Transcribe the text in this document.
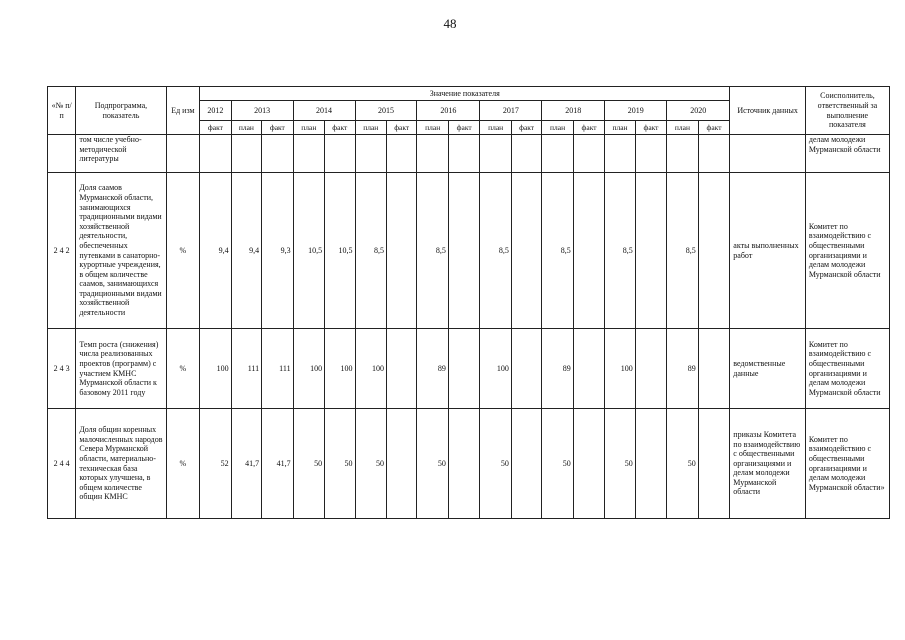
48
«№ п/п	Подпрограмма, показатель	Ед изм	Значение показателя																	Источник данных	Соисполнитель, ответственный за выполнение показателя
			2012	2013		2014		2015		2016		2017		2018		2019		2020			
			факт	план	факт	план	факт	план	факт	план	факт	план	факт	план	факт	план	факт	план	факт		
	том числе учебно-методической литературы																				делам молодежи Мурманской области
2 4 2	Доля саамов Мурманской области, занимающихся традиционными видами хозяйственной деятельности, обеспеченных путевками в санаторно-курортные учреждения, в общем количестве саамов, занимающихся традиционными видами хозяйственной деятельности	%	9,4	9,4	9,3	10,5	10,5	8,5		8,5		8,5		8,5		8,5		8,5		акты выполненных работ	Комитет по взаимодействию с общественными организациями и делам молодежи Мурманской области
2 4 3	Темп роста (снижения) числа реализованных проектов (программ) с участием КМНС Мурманской области к базовому 2011 году	%	100	111	111	100	100	100		89		100		89		100		89		ведомственные данные	Комитет по взаимодействию с общественными организациями и делам молодежи Мурманской области
2 4 4	Доля общин коренных малочисленных народов Севера Мурманской области, материально-техническая база которых улучшена, в общем количестве общин КМНС	%	52	41,7	41,7	50	50	50		50		50		50		50		50		приказы Комитета по взаимодействию с общественными организациями и делам молодежи Мурманской области	Комитет по взаимодействию с общественными организациями и делам молодежи Мурманской области»
